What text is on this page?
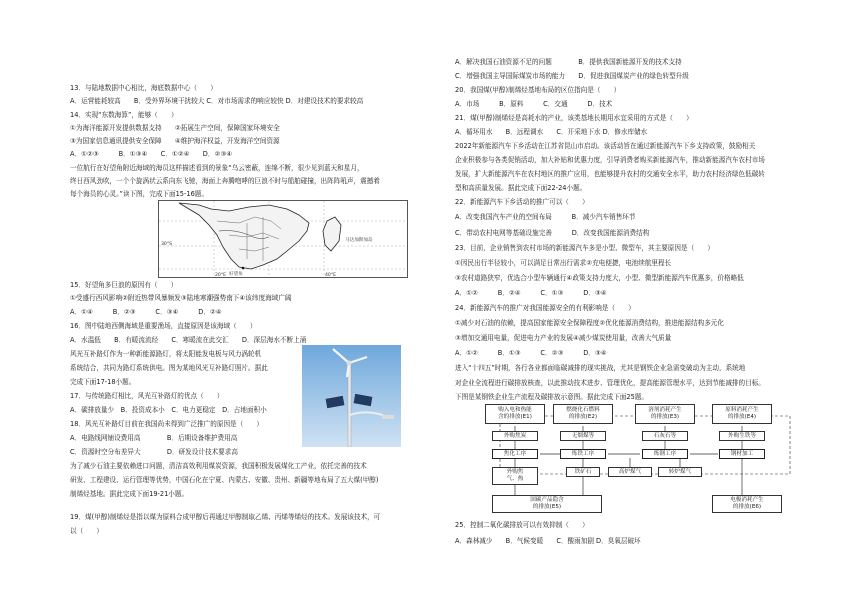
13．与陆地数据中心相比，海底数据中心（　　）
A．运营能耗较高　　B．受外界环境干扰较大 C．对市场需求的响应较快 D．对建设技术的要求较高
14．实现“东数海算”，能够（　　）
①为海洋能源开发提供数据支持　　②拓展生产空间，保障国家环境安全
③为国家信息通讯提供安全保障　　④维护海洋权益，开发海洋空间资源
A．①②③　　　B．①③④　　C．①②④　　D．②③④
一位航行在好望角附近海域的海员这样描述看到的景象“乌云密蔽，连绵不断，很少见到蓝天和星月，
终日西风劲吹，一个个旋涡状云系向东飞驰，海面上奔腾咆哮的巨浪不时与船舶碰撞，出阵阵吼声，震撼着
每个海员的心灵。”读下图，完成下面15-16题。
15．好望角多巨浪的原因有（　　）
①受盛行西风影响②附近热带风暴频发③陆地寒潮强势南下④该纬度海域广阔
A．①④　　　B．②③　　　C．③④　　　D．②④
16．图中陆地西侧海域是重要渔场，直接原因是该海域（　　）
A．水温低　　B．有暖流流经　　C．寒暖流在此交汇　　D．深层海水不断上涌
风光互补路灯作为一种新能源路灯，将太阳能发电板与风力涡轮机
系统结合，共同为路灯系统供电。图为某地风光互补路灯照片。据此
完成下面17-18小题。
17．与传统路灯相比，风光互补路灯的优点（　　）
A．碳排放量少　B．投资成本小　C．电力更稳定　D．占地面积小
18．风光互补路灯目前在我国尚未得到广泛推广的原因是（　　）
A．电路线网铺设费用高　　　　B．后期设备维护费用高
C．资源时空分布差异大　　　　D．研发设计技术要求高
为了减少石油主要依赖进口问题，清洁高效利用煤炭资源，我国积极发展煤化工产业，依托完善的技术
研发、工程建设、运行管理等优势，中国石化在宁夏、内蒙古、安徽、贵州、新疆等地布局了五大煤(甲醇)
制烯烃基地。据此完成下面19-21小题。
19．煤(甲醇)制烯烃是指以煤为原料合成甲醇后再通过甲醇制取乙烯、丙烯等烯烃的技术。发展该技术，可
以（　　）
A．解决我国石油资源不足的问题　　　　B．提供我国新能源开发的技术支持
C．增强我国主导国际煤炭市场的能力　　D．促进我国煤炭产业的绿色转型升级
20．我国煤(甲醇)制烯烃基地布局的区位指向是（　　）
A．市场　　　B．原料　　　C．交通　　　D．技术
21．煤(甲醇)制烯烃是高耗水的产业，该类基地长期用水宜采用的方式是（　　）
A．循环用水　　B．远程调水　　C．开采地下水 D．修水库储水
2022年新能源汽车下乡活动在江苏省昆山市启动。该活动旨在通过新能源汽车下乡支持政策，鼓励相关
企业积极参与各类促销活动，加大补贴和优惠力度，引导消费者购买新能源汽车，推动新能源汽车农村市场
发展，扩大新能源汽车在农村地区的推广应用，也能够提升农村的交通安全水平，助力农村经济绿色低碳转
型和高质量发展。据此完成下面22-24小题。
22．新能源汽车下乡活动的推广可以（　　）
A．改变我国汽车产业的空间布局　　　B．减少汽车销售环节
C．带动农村电网等基础设施完善　　　D．改变我国能源消费结构
23．目前，企业销售到农村市场的新能源汽车多是小型、微型车，其主要原因是（　　）
①因民出行半径较小，可以满足日常出行需求②充电便捷，电池续航里程长
③农村道路狭窄，优选合小型车辆通行④政策支持力度大，小型、微型新能源汽车优惠多，价格略低
A．①②　　　B．②④　　　C．①③　　　D．③④
24．新能源汽车的推广对我国能源安全的有利影响是（　　）
①减少对石油的依赖，提高国家能源安全保障程度②优化能源消费结构，推进能源结构多元化
③增加交通用电量，促进电力产业的发展④减少煤炭使用量，改善大气质量
A．①②　　　B．①③　　　C．②③　　　D．③④
进入“十四五”时期，各行各业都面临碳减排的现实挑战，尤其是钢铁企业急需变破动为主动，系统地
对企业全流程进行碳排放核查，以此推动技术进步、管理优化，提高能源管理水平，达到节能减排的目标。
下图是某钢铁企业生产流程及碳排放示意图。据此完成下面25题。
25．控制二氧化碳排放可以有效抑制（　　）
A．森林减少　　B．气候变暖　　C．酸雨加剧 D．臭氧层破坏
好望角
马达加斯加岛
20°E	40°E
30°S
购入电和热能
含的排放(E1)
燃烧化石燃料
的排放(E2)
溶剂消耗产生
的排放(E3)
原料消耗产生
的排放(E4)
外购焦炭	无烟煤等	石灰石等	外购生铁等
焦化工序	炼铁工序	炼钢工序	钢材加工
外购焦
气、热
铁矿石	高炉煤气	转炉煤气
固碳产品隐含
的排放(E5)
电极消耗产生
的排放(E6)
